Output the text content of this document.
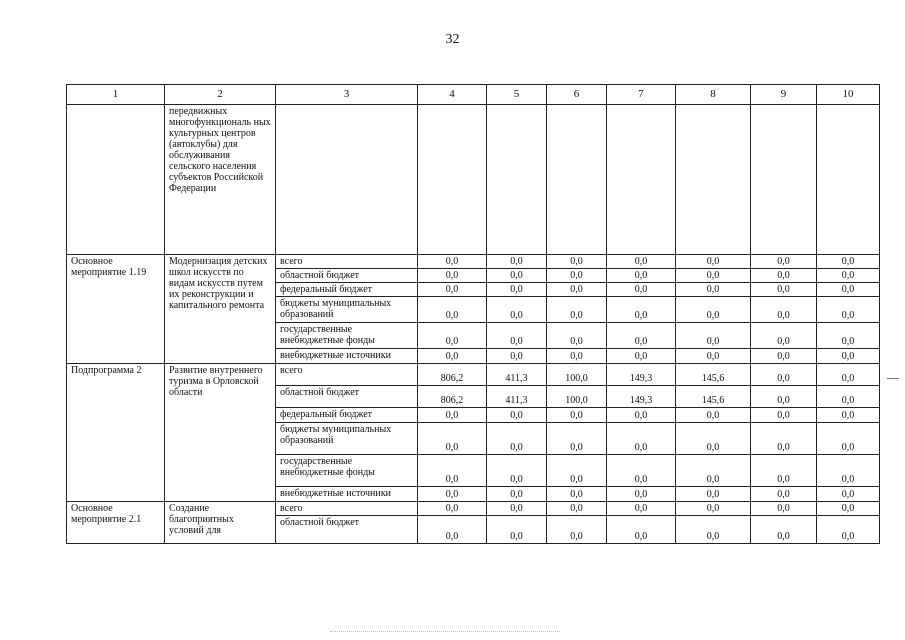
32
1	2	3	4	5	6	7	8	9	10
	передвижных многофункциональ ных культурных центров (автоклубы) для обслуживания сельского населения субъектов Российской Федерации								
Основное мероприятие 1.19	Модернизация детских школ искусств по видам искусств путем их реконструкции и капитального ремонта	всего	0,0	0,0	0,0	0,0	0,0	0,0	0,0
		областной бюджет	0,0	0,0	0,0	0,0	0,0	0,0	0,0
		федеральный бюджет	0,0	0,0	0,0	0,0	0,0	0,0	0,0
		бюджеты муниципальных образований	0,0	0,0	0,0	0,0	0,0	0,0	0,0
		государственные внебюджетные фонды	0,0	0,0	0,0	0,0	0,0	0,0	0,0
		внебюджетные источники	0,0	0,0	0,0	0,0	0,0	0,0	0,0
Подпрограмма 2	Развитие внутреннего туризма в Орловской области	всего	806,2	411,3	100,0	149,3	145,6	0,0	0,0
		областной бюджет	806,2	411,3	100,0	149,3	145,6	0,0	0,0
		федеральный бюджет	0,0	0,0	0,0	0,0	0,0	0,0	0,0
		бюджеты муниципальных образований	0,0	0,0	0,0	0,0	0,0	0,0	0,0
		государственные внебюджетные фонды	0,0	0,0	0,0	0,0	0,0	0,0	0,0
		внебюджетные источники	0,0	0,0	0,0	0,0	0,0	0,0	0,0
Основное мероприятие 2.1	Создание благоприятных условий для	всего	0,0	0,0	0,0	0,0	0,0	0,0	0,0
		областной бюджет	0,0	0,0	0,0	0,0	0,0	0,0	0,0
